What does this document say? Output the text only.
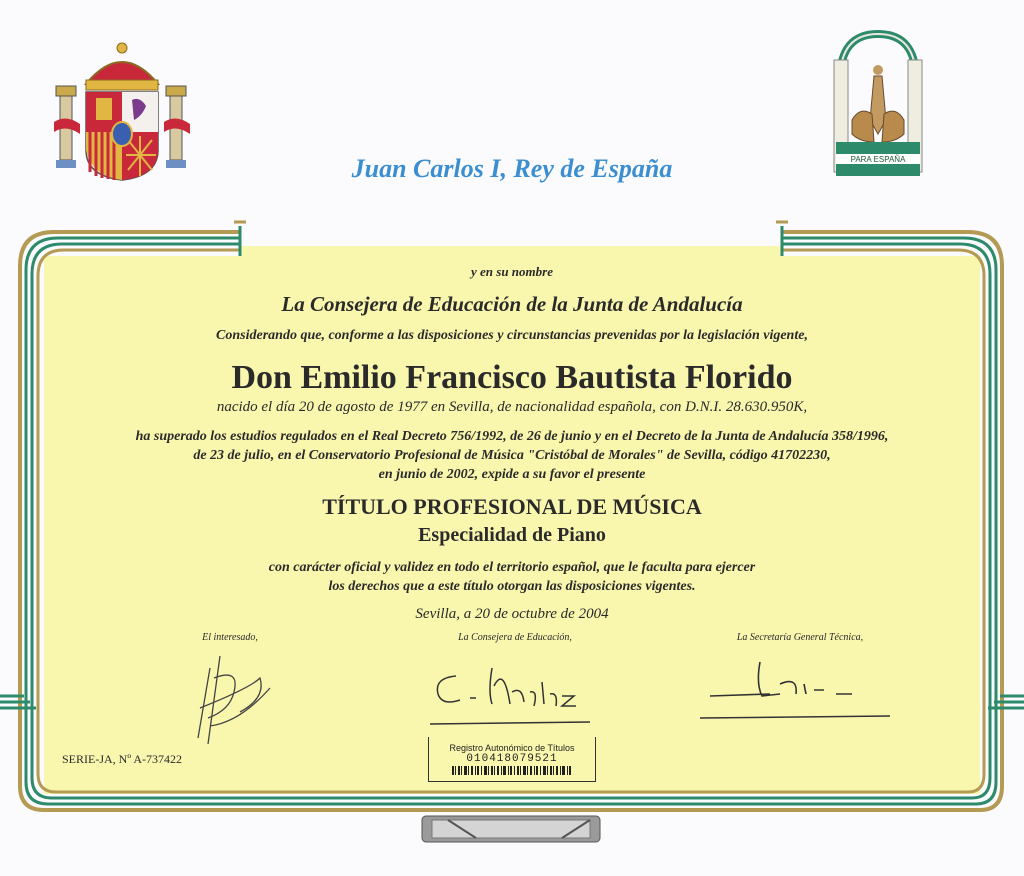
PARA ESPAÑA
Juan Carlos I, Rey de España
y en su nombre
La Consejera de Educación de la Junta de Andalucía
Considerando que, conforme a las disposiciones y circunstancias prevenidas por la legislación vigente,
Don Emilio Francisco Bautista Florido
nacido el día 20 de agosto de 1977 en Sevilla, de nacionalidad española, con D.N.I. 28.630.950K,
ha superado los estudios regulados en el Real Decreto 756/1992, de 26 de junio y en el Decreto de la Junta de Andalucía 358/1996,
de 23 de julio, en el Conservatorio Profesional de Música "Cristóbal de Morales" de Sevilla, código 41702230,
en junio de 2002, expide a su favor el presente
TÍTULO PROFESIONAL DE MÚSICA
Especialidad de Piano
con carácter oficial y validez en todo el territorio español, que le faculta para ejercer
los derechos que a este título otorgan las disposiciones vigentes.
Sevilla, a 20 de octubre de 2004
El interesado,	La Consejera de Educación,	La Secretaría General Técnica,
SERIE-JA, Nº A-737422
Registro Autonómico de Títulos
010418079521
